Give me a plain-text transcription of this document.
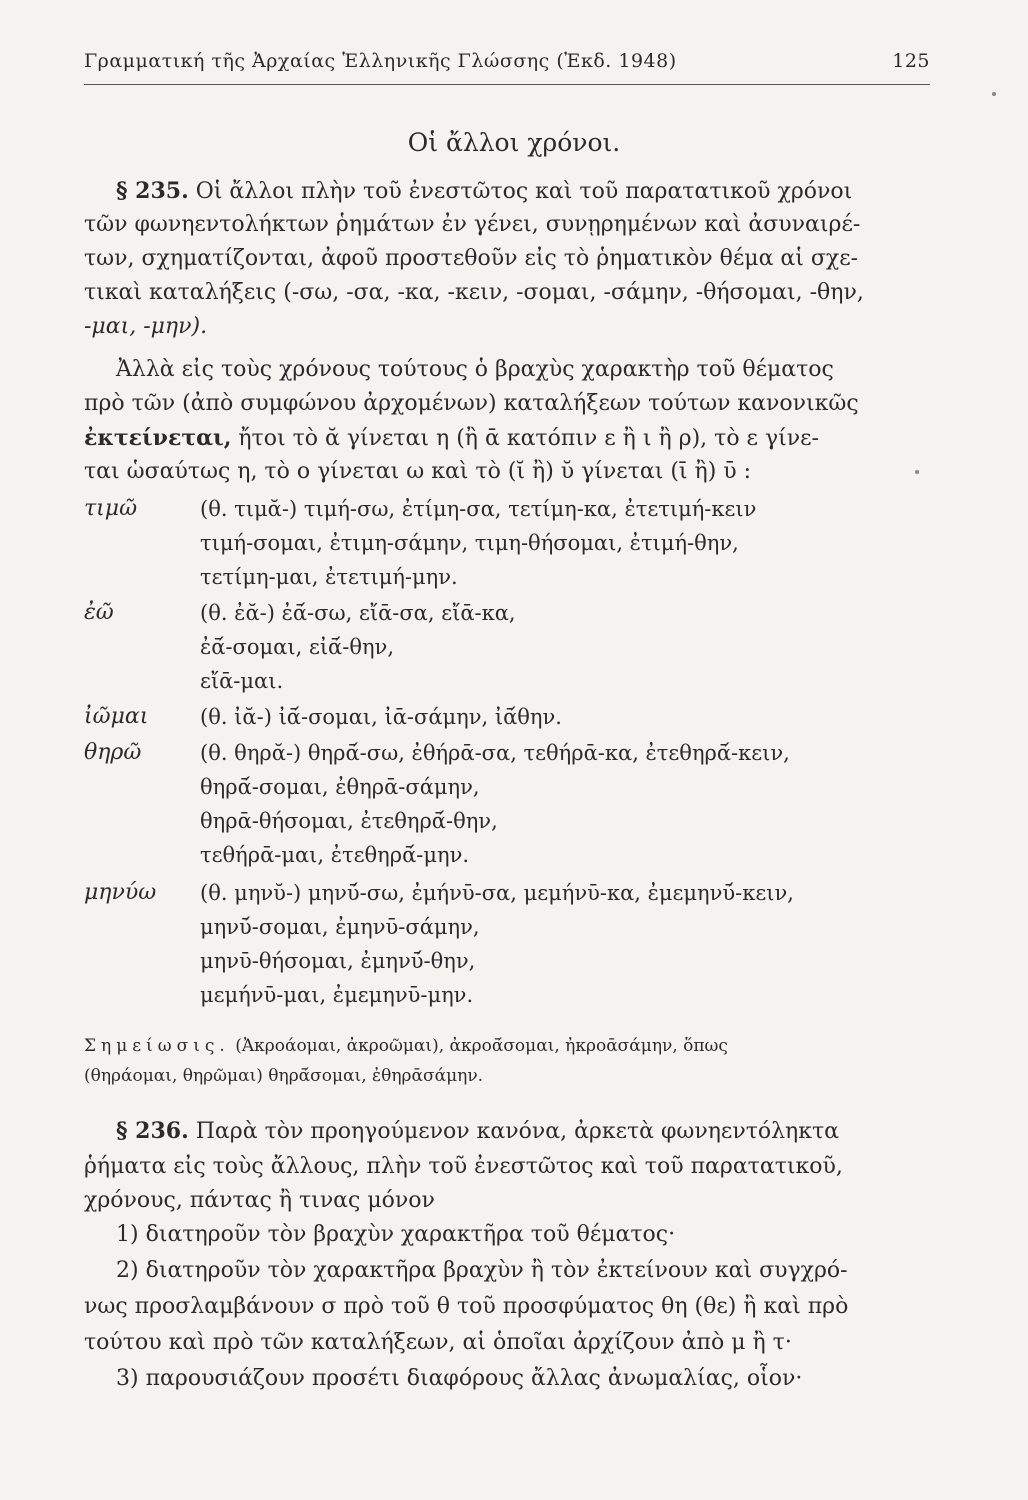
Γραμματική τῆς Ἀρχαίας Ἑλληνικῆς Γλώσσης (Ἐκδ. 1948)	125
Οἱ ἄλλοι χρόνοι.
§ 235. Οἱ ἄλλοι πλὴν τοῦ ἐνεστῶτος καὶ τοῦ παρατατικοῦ χρόνοι
τῶν φωνηεντολήκτων ῥημάτων ἐν γένει, συνῃρημένων καὶ ἀσυναιρέ-
των, σχηματίζονται, ἀφοῦ προστεθοῦν εἰς τὸ ῥηματικὸν θέμα αἱ σχε-
τικαὶ καταλήξεις (-σω, -σα, -κα, -κειν, -σομαι, -σάμην, -θήσομαι, -θην,
-μαι, -μην).
Ἀλλὰ εἰς τοὺς χρόνους τούτους ὁ βραχὺς χαρακτὴρ τοῦ θέματος
πρὸ τῶν (ἀπὸ συμφώνου ἀρχομένων) καταλήξεων τούτων κανονικῶς
ἐκτείνεται, ἤτοι τὸ ᾰ γίνεται η (ἢ ᾱ κατόπιν ε ἢ ι ἢ ρ), τὸ ε γίνε-
ται ὡσαύτως η, τὸ ο γίνεται ω καὶ τὸ (ῐ ἢ) ῠ γίνεται (ῑ ἢ) ῡ :
τιμῶ	(θ. τιμᾰ-) τιμή-σω, ἐτίμη-σα, τετίμη-κα, ἐτετιμή-κειν
τιμή-σομαι, ἐτιμη-σάμην, τιμη-θήσομαι, ἐτιμή-θην,
τετίμη-μαι, ἐτετιμή-μην.
ἐῶ	(θ. ἐᾰ-) ἐᾱ́-σω, εἴᾱ-σα, εἴᾱ-κα,
ἐᾱ́-σομαι, εἰᾱ́-θην,
εἴᾱ-μαι.
ἰῶμαι (θ. ἰᾰ-) ἰᾱ́-σομαι, ἰᾱ-σάμην, ἰᾱ́θην.
θηρῶ	(θ. θηρᾰ-) θηρᾱ́-σω, ἐθήρᾱ-σα, τεθήρᾱ-κα, ἐτεθηρᾱ́-κειν,
θηρᾱ́-σομαι, ἐθηρᾱ-σάμην,
θηρᾱ-θήσομαι, ἐτεθηρᾱ́-θην,
τεθήρᾱ-μαι, ἐτεθηρᾱ́-μην.
μηνύω (θ. μηνῠ-) μηνῡ́-σω, ἐμήνῡ-σα, μεμήνῡ-κα, ἐμεμηνῡ́-κειν,
μηνῡ́-σομαι, ἐμηνῡ-σάμην,
μηνῡ-θήσομαι, ἐμηνῡ́-θην,
μεμήνῡ-μαι, ἐμεμηνῡ-μην.
Σημείωσις. (Ἀκροάομαι, ἀκροῶμαι), ἀκροᾱ́σομαι, ἠκροᾱσάμην, ὅπως
(θηράομαι, θηρῶμαι) θηρᾱ́σομαι, ἐθηρᾱσάμην.
§ 236. Παρὰ τὸν προηγούμενον κανόνα, ἀρκετὰ φωνηεντόληκτα
ῥήματα εἰς τοὺς ἄλλους, πλὴν τοῦ ἐνεστῶτος καὶ τοῦ παρατατικοῦ,
χρόνους, πάντας ἢ τινας μόνον
1) διατηροῦν τὸν βραχὺν χαρακτῆρα τοῦ θέματος·
2) διατηροῦν τὸν χαρακτῆρα βραχὺν ἢ τὸν ἐκτείνουν καὶ συγχρό-
νως προσλαμβάνουν σ πρὸ τοῦ θ τοῦ προσφύματος θη (θε) ἢ καὶ πρὸ
τούτου καὶ πρὸ τῶν καταλήξεων, αἱ ὁποῖαι ἀρχίζουν ἀπὸ μ ἢ τ·
3) παρουσιάζουν προσέτι διαφόρους ἄλλας ἀνωμαλίας, οἷον·
